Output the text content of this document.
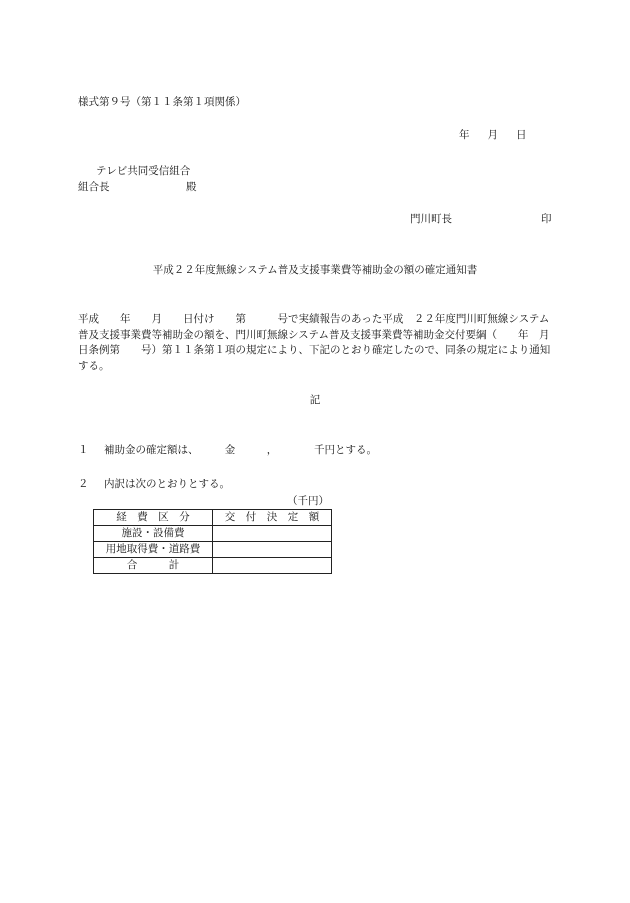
様式第９号（第１１条第１項関係）
年 月 日
テレビ共同受信組合
組合長	殿
門川町長	印
平成２２年度無線システム普及支援事業費等補助金の額の確定通知書
平成　　年　　月　　日付け　　第　　　号で実績報告のあった平成　２２年度門川町無線システム普及支援事業費等補助金の額を、門川町無線システム普及支援事業費等補助金交付要綱（　　年　月　　日条例第　　号）第１１条第１項の規定により、下記のとおり確定したので、同条の規定により通知する。
記
１ 補助金の確定額は、　　　金　　　，　　　　千円とする。
２ 内訳は次のとおりとする。
（千円）
経　費　区　分	交　付　決　定　額
施設・設備費	
用地取得費・道路費	
合　　　計	
